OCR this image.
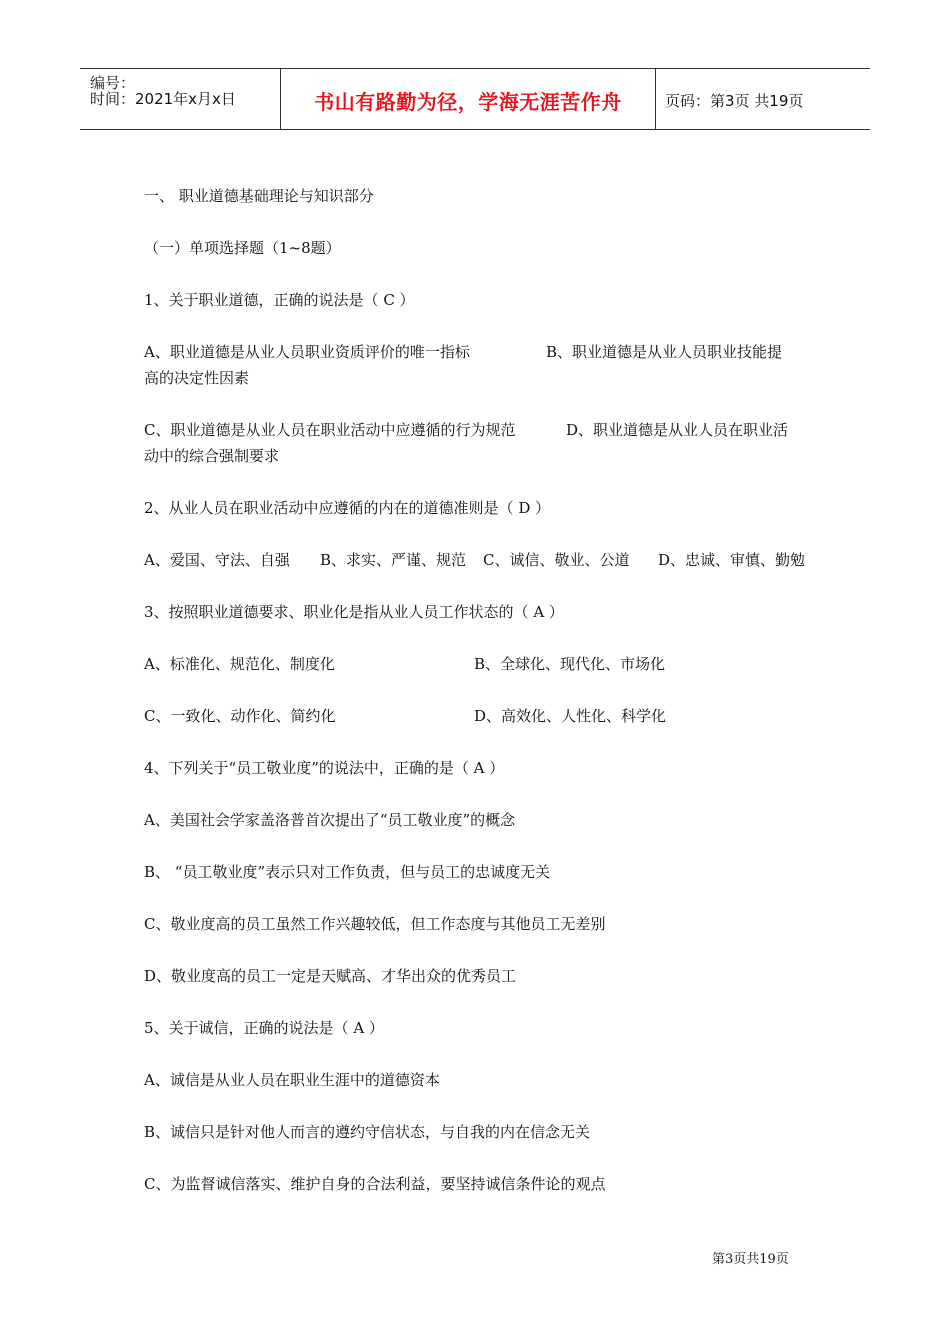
编号：
时间：2021年x月x日	书山有路勤为径，学海无涯苦作舟	页码：第3页 共19页
一、 职业道德基础理论与知识部分
（一）单项选择题（1~8题）
1、关于职业道德，正确的说法是（ C ）
A、职业道德是从业人员职业资质评价的唯一指标	B、职业道德是从业人员职业技能提
高的决定性因素
C、职业道德是从业人员在职业活动中应遵循的行为规范	D、职业道德是从业人员在职业活
动中的综合强制要求
2、从业人员在职业活动中应遵循的内在的道德准则是（ D ）
A、爱国、守法、自强 B、求实、严谨、规范 C、诚信、敬业、公道 D、忠诚、审慎、勤勉
3、按照职业道德要求、职业化是指从业人员工作状态的（ A ）
A、标准化、规范化、制度化	B、全球化、现代化、市场化
C、一致化、动作化、简约化	D、高效化、人性化、科学化
4、下列关于“员工敬业度”的说法中，正确的是（ A ）
A、美国社会学家盖洛普首次提出了“员工敬业度”的概念
B、 “员工敬业度”表示只对工作负责，但与员工的忠诚度无关
C、敬业度高的员工虽然工作兴趣较低，但工作态度与其他员工无差别
D、敬业度高的员工一定是天赋高、才华出众的优秀员工
5、关于诚信，正确的说法是（ A ）
A、诚信是从业人员在职业生涯中的道德资本
B、诚信只是针对他人而言的遵约守信状态，与自我的内在信念无关
C、为监督诚信落实、维护自身的合法利益，要坚持诚信条件论的观点
第3页共19页
